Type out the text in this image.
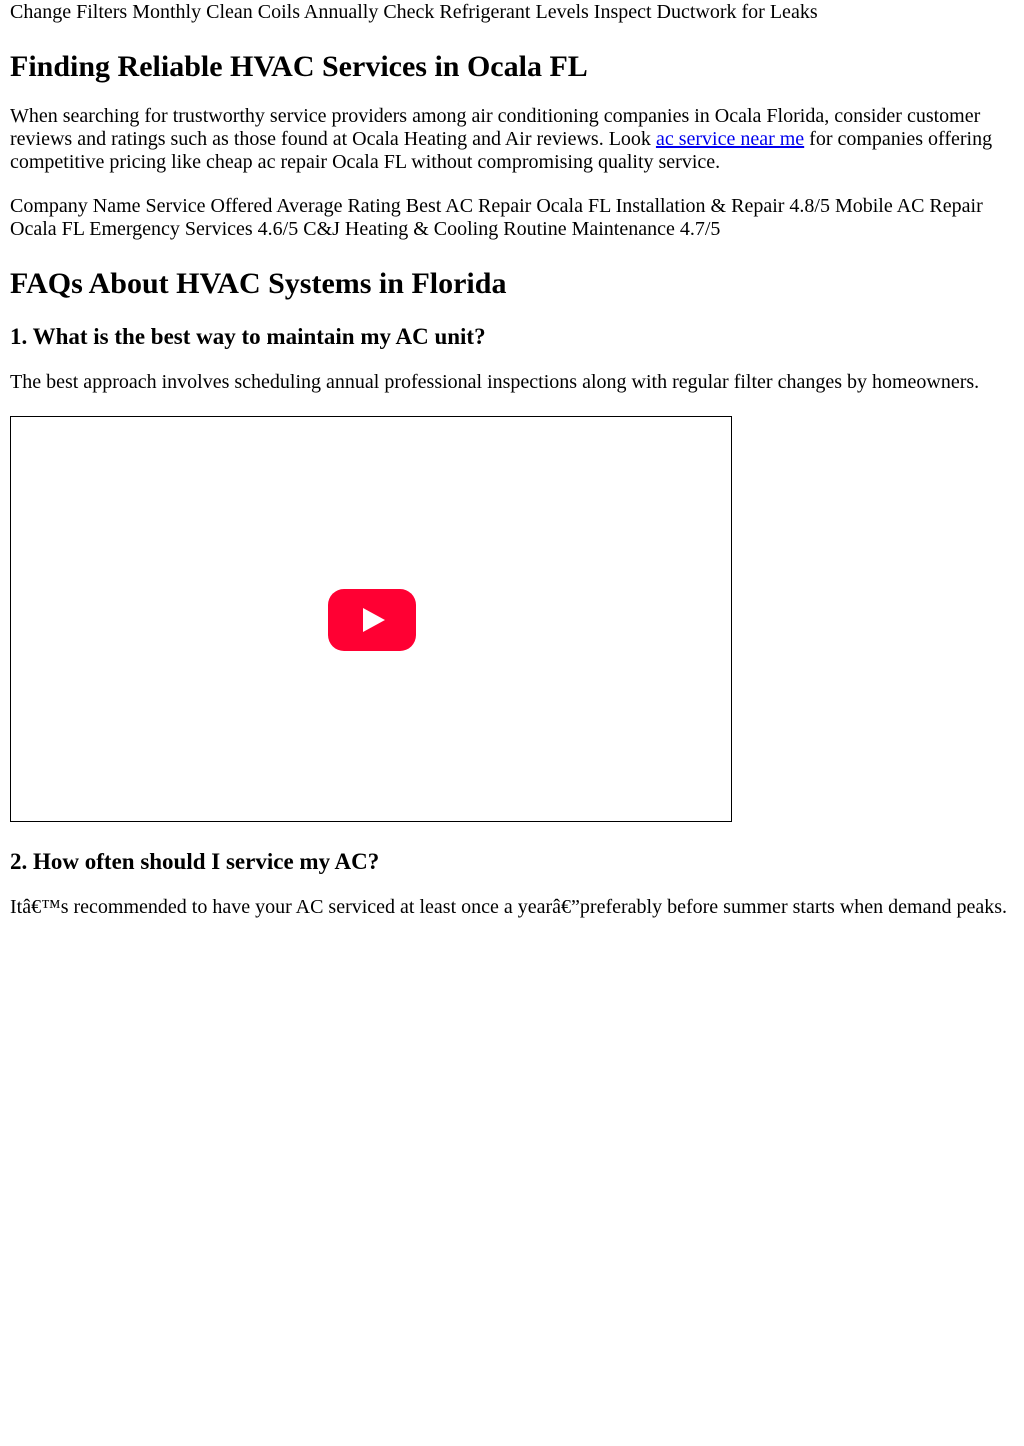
Change Filters Monthly Clean Coils Annually Check Refrigerant Levels Inspect Ductwork for Leaks

Finding Reliable HVAC Services in Ocala FL

When searching for trustworthy service providers among air conditioning companies in Ocala Florida, consider customer reviews and ratings such as those found at Ocala Heating and Air reviews. Look ac service near me for companies offering competitive pricing like cheap ac repair Ocala FL without compromising quality service.

Company Name Service Offered Average Rating Best AC Repair Ocala FL Installation & Repair 4.8/5 Mobile AC Repair Ocala FL Emergency Services 4.6/5 C&J Heating & Cooling Routine Maintenance 4.7/5

FAQs About HVAC Systems in Florida
1. What is the best way to maintain my AC unit?

The best approach involves scheduling annual professional inspections along with regular filter changes by homeowners.

2. How often should I service my AC?

Itâ€™s recommended to have your AC serviced at least once a yearâ€”preferably before summer starts when demand peaks.
